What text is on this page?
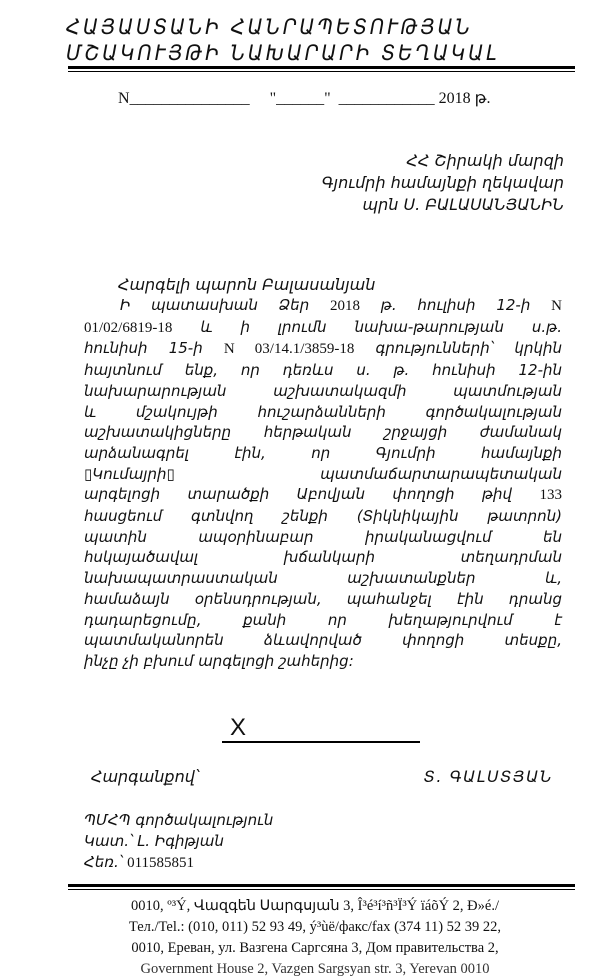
ՀԱՅԱՍՏԱՆԻ ՀԱՆՐԱՊԵՏՈՒԹՅԱՆ
ՄՇԱԿՈՒՅԹԻ ՆԱԽԱՐԱՐԻ ՏԵՂԱԿԱԼ
N_______________ "______" ____________ 2018 թ.
ՀՀ Շիրակի մարզի
Գյումրի համայնքի ղեկավար
պրն Ս. ԲԱԼԱՍԱՆՅԱՆԻՆ
Հարգելի պարոն Բալասանյան
Ի պատասխան Ձեր 2018 թ. հուլիսի 12-ի N
01/02/6819-18 և ի լրումն նախա-թարության ս.թ.
հունիսի 15-ի N 03/14.1/3859-18 գրությունների՝ կրկին
հայտնում ենք, որ դեռևս ս. թ. հունիսի 12-ին
նախարարության աշխատակազմի պատմության
և մշակույթի հուշարձանների գործակալության
աշխատակիցները հերթական շրջայցի ժամանակ
արձանագրել էին, որ Գյումրի համայնքի
▯Կումայրի▯ պատմաճարտարապետական
արգելոցի տարածքի Աբովյան փողոցի թիվ 133
հասցեում գտնվող շենքի (Տիկնիկային թատրոն)
պատին ապօրինաբար իրականացվում են
հսկայածավալ խճանկարի տեղադրման
նախապատրաստական աշխատանքներ և,
համաձայն օրենսդրության, պահանջել էին դրանց
դադարեցումը, քանի որ խեղաթյուրվում է
պատմականորեն ձևավորված փողոցի տեսքը,
ինչը չի բխում արգելոցի շահերից:
X
Հարգանքով՝	Տ. ԳԱԼՍՏՅԱՆ
ՊՄՀՊ գործակալություն
Կատ.՝ Լ. Իգիթյան
Հեռ.՝ 011585851
0010, º³Ý, Վազգեն Սարգսյան 3, Î³é³í³ñ³Ï³Ý ïáõÝ 2, Ð»é./
Тел./Tel.: (010, 011) 52 93 49, ý³ùë/факс/fax (374 11) 52 39 22,
0010, Ереван, ул. Вазгена Саргсяна 3, Дом правительства 2,
Government House 2, Vazgen Sargsyan str. 3, Yerevan 0010
